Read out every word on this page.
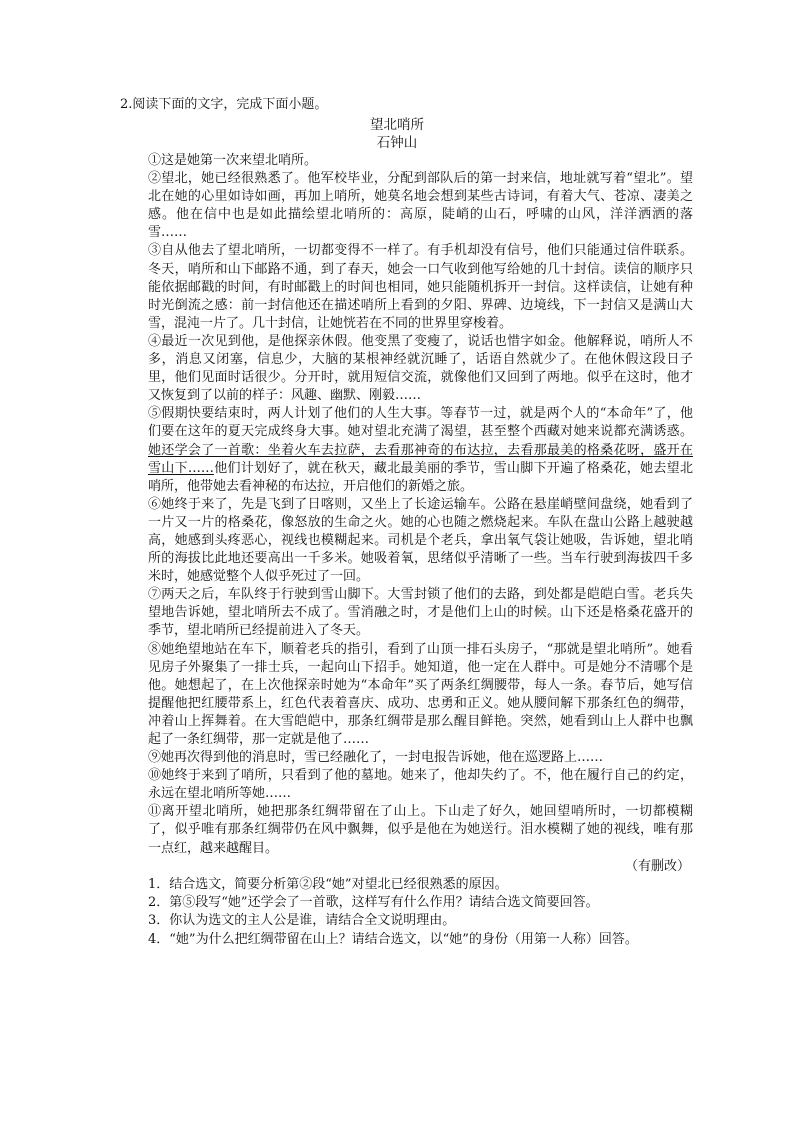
2.阅读下面的文字，完成下面小题。
望北哨所
石钟山

①这是她第一次来望北哨所。

②望北，她已经很熟悉了。他军校毕业，分配到部队后的第一封来信，地址就写着“望北”。望北在她的心里如诗如画，再加上哨所，她莫名地会想到某些古诗词，有着大气、苍凉、凄美之感。他在信中也是如此描绘望北哨所的：高原，陡峭的山石，呼啸的山风，洋洋洒洒的落雪……

③自从他去了望北哨所，一切都变得不一样了。有手机却没有信号，他们只能通过信件联系。冬天，哨所和山下邮路不通，到了春天，她会一口气收到他写给她的几十封信。读信的顺序只能依据邮戳的时间，有时邮戳上的时间也相同，她只能随机拆开一封信。这样读信，让她有种时光倒流之感：前一封信他还在描述哨所上看到的夕阳、界碑、边境线，下一封信又是满山大雪，混沌一片了。几十封信，让她恍若在不同的世界里穿梭着。

④最近一次见到他，是他探亲休假。他变黑了变瘦了，说话也惜字如金。他解释说，哨所人不多，消息又闭塞，信息少，大脑的某根神经就沉睡了，话语自然就少了。在他休假这段日子里，他们见面时话很少。分开时，就用短信交流，就像他们又回到了两地。似乎在这时，他才又恢复到了以前的样子：风趣、幽默、刚毅……

⑤假期快要结束时，两人计划了他们的人生大事。等春节一过，就是两个人的“本命年”了，他们要在这年的夏天完成终身大事。她对望北充满了渴望，甚至整个西藏对她来说都充满诱惑。她还学会了一首歌：坐着火车去拉萨，去看那神奇的布达拉，去看那最美的格桑花呀，盛开在雪山下……他们计划好了，就在秋天，藏北最美丽的季节，雪山脚下开遍了格桑花，她去望北哨所，他带她去看神秘的布达拉，开启他们的新婚之旅。

⑥她终于来了，先是飞到了日喀则，又坐上了长途运输车。公路在悬崖峭壁间盘绕，她看到了一片又一片的格桑花，像怒放的生命之火。她的心也随之燃烧起来。车队在盘山公路上越驶越高，她感到头疼恶心，视线也模糊起来。司机是个老兵，拿出氧气袋让她吸，告诉她，望北哨所的海拔比此地还要高出一千多米。她吸着氧，思绪似乎清晰了一些。当车行驶到海拔四千多米时，她感觉整个人似乎死过了一回。

⑦两天之后，车队终于行驶到雪山脚下。大雪封锁了他们的去路，到处都是皑皑白雪。老兵失望地告诉她，望北哨所去不成了。雪消融之时，才是他们上山的时候。山下还是格桑花盛开的季节，望北哨所已经提前进入了冬天。

⑧她绝望地站在车下，顺着老兵的指引，看到了山顶一排石头房子，“那就是望北哨所”。她看见房子外聚集了一排士兵，一起向山下招手。她知道，他一定在人群中。可是她分不清哪个是他。她想起了，在上次他探亲时她为“本命年”买了两条红绸腰带，每人一条。春节后，她写信提醒他把红腰带系上，红色代表着喜庆、成功、忠勇和正义。她从腰间解下那条红色的绸带，冲着山上挥舞着。在大雪皑皑中，那条红绸带是那么醒目鲜艳。突然，她看到山上人群中也飘起了一条红绸带，那一定就是他了……

⑨她再次得到他的消息时，雪已经融化了，一封电报告诉她，他在巡逻路上……

⑩她终于来到了哨所，只看到了他的墓地。她来了，他却失约了。不，他在履行自己的约定，永远在望北哨所等她……

⑪离开望北哨所，她把那条红绸带留在了山上。下山走了好久，她回望哨所时，一切都模糊了，似乎唯有那条红绸带仍在风中飘舞，似乎是他在为她送行。泪水模糊了她的视线，唯有那一点红，越来越醒目。

（有删改）

1．结合选文，简要分析第②段“她”对望北已经很熟悉的原因。

2．第⑤段写“她”还学会了一首歌，这样写有什么作用？请结合选文简要回答。

3．你认为选文的主人公是谁，请结合全文说明理由。

4．“她”为什么把红绸带留在山上？请结合选文，以“她”的身份（用第一人称）回答。
